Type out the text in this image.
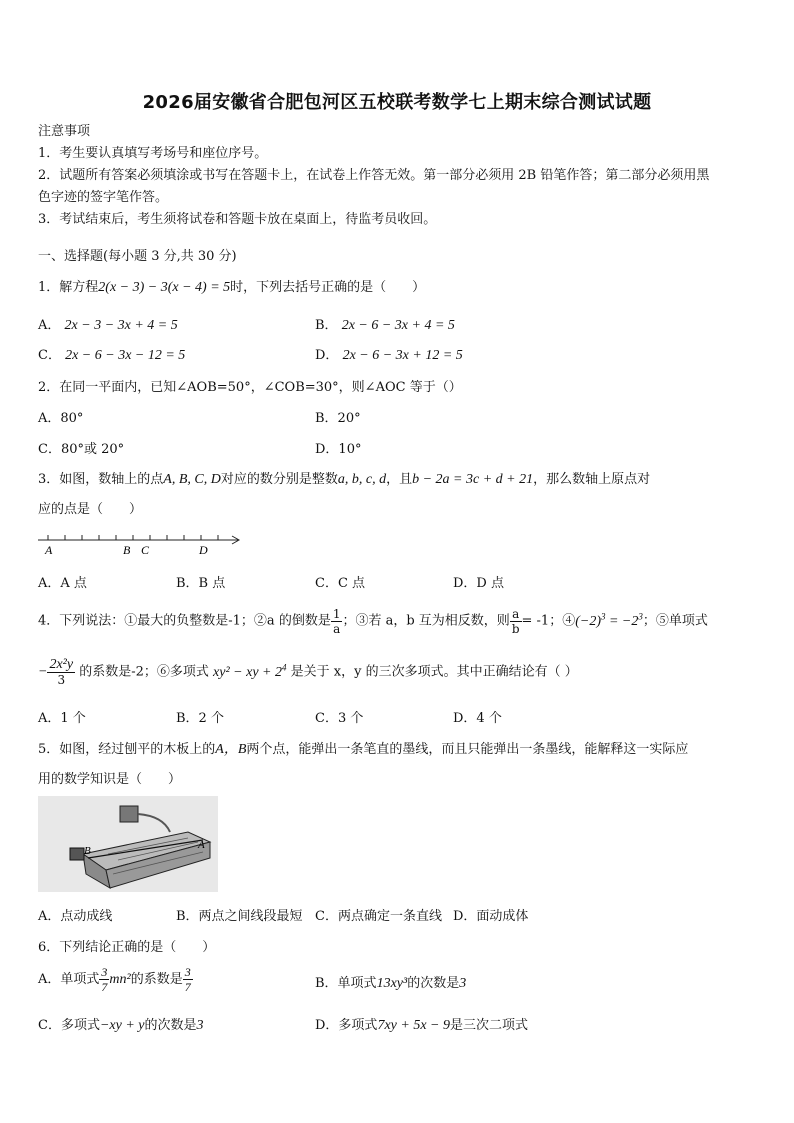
2026届安徽省合肥包河区五校联考数学七上期末综合测试试题
注意事项
1．考生要认真填写考场号和座位序号。
2．试题所有答案必须填涂或书写在答题卡上，在试卷上作答无效。第一部分必须用 2B 铅笔作答；第二部分必须用黑
色字迹的签字笔作答。
3．考试结束后，考生须将试卷和答题卡放在桌面上，待监考员收回。
一、选择题(每小题 3 分,共 30 分)
1．解方程2(x − 3) − 3(x − 4) = 5时，下列去括号正确的是（　　）
A． 2x − 3 − 3x + 4 = 5	B． 2x − 6 − 3x + 4 = 5
C． 2x − 6 − 3x − 12 = 5	D． 2x − 6 − 3x + 12 = 5
2．在同一平面内，已知∠AOB=50°，∠COB=30°，则∠AOC 等于（）
A．80°	B．20°
C．80°或 20°	D．10°
3．如图，数轴上的点A, B, C, D对应的数分别是整数a, b, c, d，且b − 2a = 3c + d + 21，那么数轴上原点对
应的点是（　　）
A	B C	D
A．A 点	B．B 点	C．C 点	D．D 点
4．下列说法：①最大的负整数是-1；②a 的倒数是 $\frac{1}{a}$ ；③若 a，b 互为相反数，则 $\frac{a}{b} = -1$；$④(-2)^3 = -2^3$；⑤单项式
− $\frac{\text{2x²y}}{3}$ 的系数是-2；⑥多项式 xy² − xy + $2^4$ 是关于 x，y 的三次多项式。其中正确结论有（ ）
A．1 个	B．2 个	C．3 个	D．4 个
5．如图，经过刨平的木板上的A，B两个点，能弹出一条笔直的墨线，而且只能弹出一条墨线，能解释这一实际应
用的数学知识是（　　）
B	A
A．点动成线	B．两点之间线段最短 C．两点确定一条直线 D．面动成体
6．下列结论正确的是（　　）
A．单项式 $\frac{3}{7} mn^2$的系数是 $\frac{3}{7}$	B．单项式13xy³的次数是3
C．多项式−xy + y的次数是3	D．多项式7xy + 5x − 9是三次二项式
